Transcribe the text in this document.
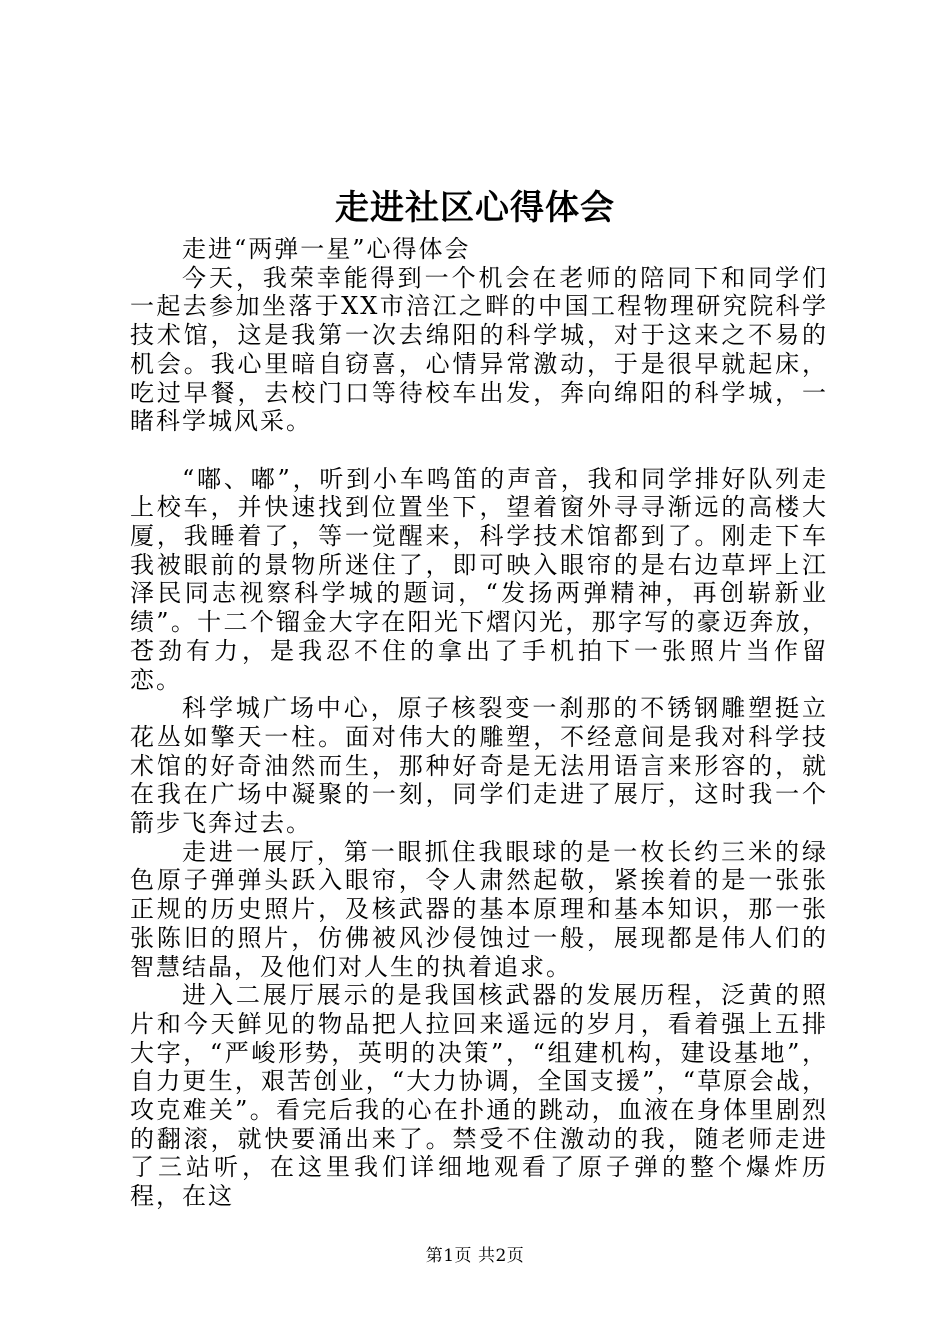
走进社区心得体会

走进“两弹一星”心得体会

今天，我荣幸能得到一个机会在老师的陪同下和同学们一起去参加坐落于XX市涪江之畔的中国工程物理研究院科学技术馆，这是我第一次去绵阳的科学城，对于这来之不易的机会。我心里暗自窃喜，心情异常激动，于是很早就起床，吃过早餐，去校门口等待校车出发，奔向绵阳的科学城，一睹科学城风采。

“嘟、嘟”，听到小车鸣笛的声音，我和同学排好队列走上校车，并快速找到位置坐下，望着窗外寻寻渐远的高楼大厦，我睡着了，等一觉醒来，科学技术馆都到了。刚走下车我被眼前的景物所迷住了，即可映入眼帘的是右边草坪上江泽民同志视察科学城的题词，“发扬两弹精神，再创崭新业绩”。十二个镏金大字在阳光下熠闪光，那字写的豪迈奔放，苍劲有力，是我忍不住的拿出了手机拍下一张照片当作留恋。

科学城广场中心，原子核裂变一刹那的不锈钢雕塑挺立花丛如擎天一柱。面对伟大的雕塑，不经意间是我对科学技术馆的好奇油然而生，那种好奇是无法用语言来形容的，就在我在广场中凝聚的一刻，同学们走进了展厅，这时我一个箭步飞奔过去。

走进一展厅，第一眼抓住我眼球的是一枚长约三米的绿色原子弹弹头跃入眼帘，令人肃然起敬，紧挨着的是一张张正规的历史照片，及核武器的基本原理和基本知识，那一张张陈旧的照片，仿佛被风沙侵蚀过一般，展现都是伟人们的智慧结晶，及他们对人生的执着追求。

进入二展厅展示的是我国核武器的发展历程，泛黄的照片和今天鲜见的物品把人拉回来遥远的岁月，看着强上五排大字，“严峻形势，英明的决策”，“组建机构，建设基地”，自力更生，艰苦创业，“大力协调，全国支援”，“草原会战，攻克难关”。看完后我的心在扑通的跳动，血液在身体里剧烈的翻滚，就快要涌出来了。禁受不住激动的我，随老师走进了三站听，在这里我们详细地观看了原子弹的整个爆炸历程，在这

第1页 共2页
